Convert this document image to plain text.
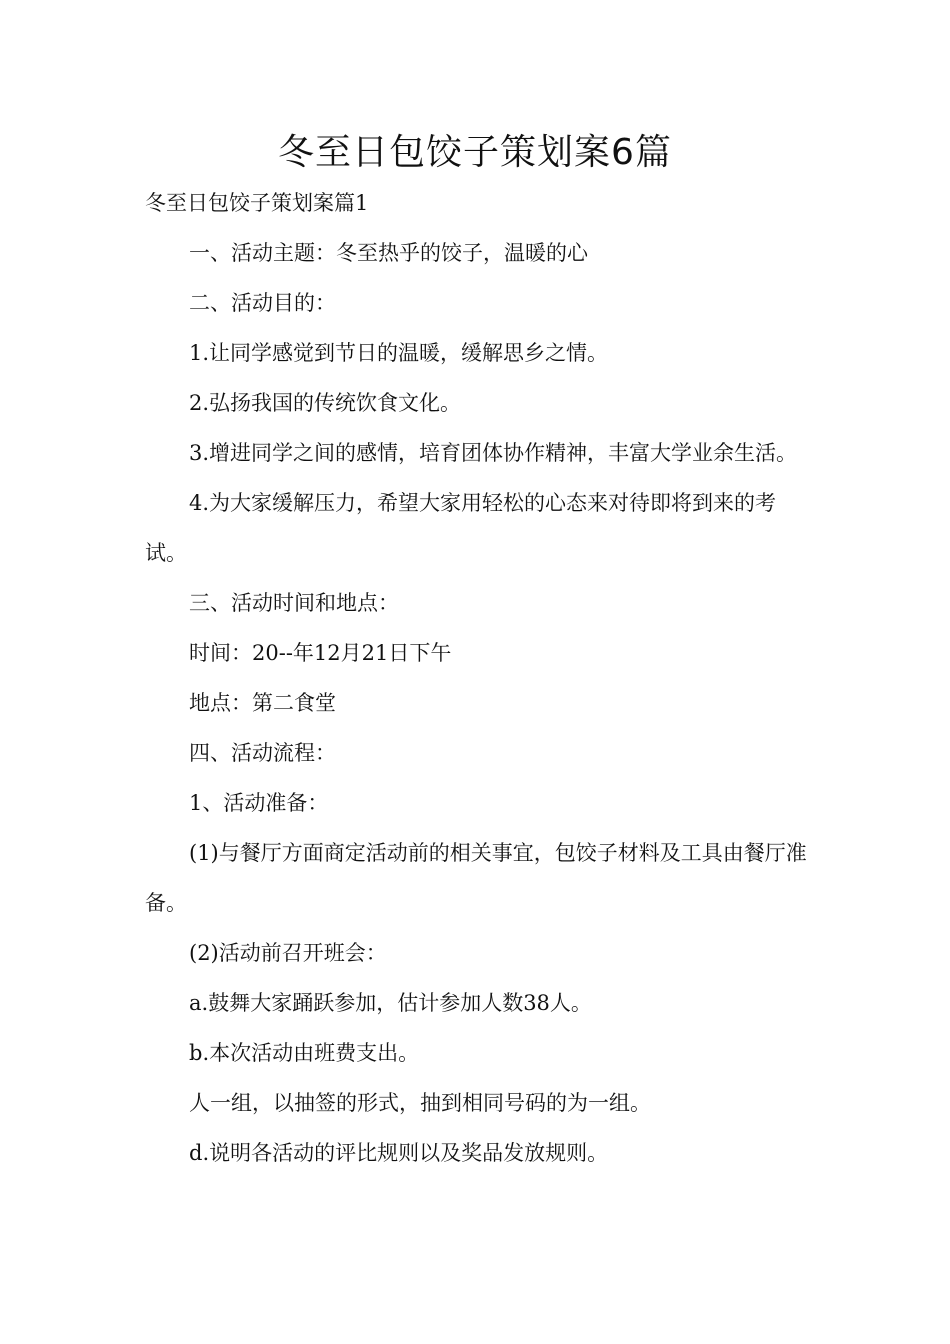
冬至日包饺子策划案6篇

冬至日包饺子策划案篇1

一、活动主题：冬至热乎的饺子，温暖的心

二、活动目的：

1.让同学感觉到节日的温暖，缓解思乡之情。

2.弘扬我国的传统饮食文化。

3.增进同学之间的感情，培育团体协作精神，丰富大学业余生活。

4.为大家缓解压力，希望大家用轻松的心态来对待即将到来的考试。

三、活动时间和地点：

时间：20--年12月21日下午

地点：第二食堂

四、活动流程：

1、活动准备：

(1)与餐厅方面商定活动前的相关事宜，包饺子材料及工具由餐厅准备。

(2)活动前召开班会：

a.鼓舞大家踊跃参加，估计参加人数38人。

b.本次活动由班费支出。

人一组，以抽签的形式，抽到相同号码的为一组。

d.说明各活动的评比规则以及奖品发放规则。
